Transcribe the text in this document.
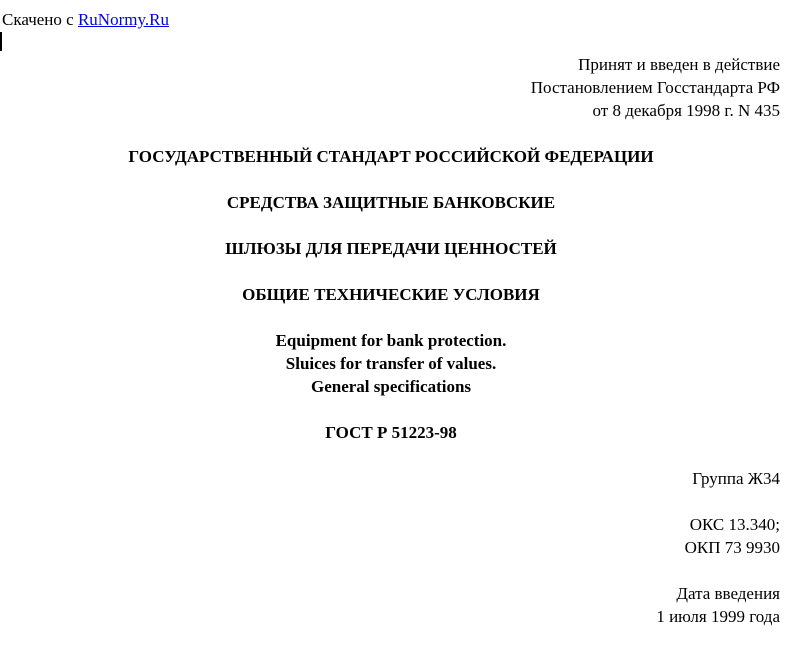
Скачено с RuNormy.Ru
Принят и введен в действие
Постановлением Госстандарта РФ
от 8 декабря 1998 г. N 435
ГОСУДАРСТВЕННЫЙ СТАНДАРТ РОССИЙСКОЙ ФЕДЕРАЦИИ
СРЕДСТВА ЗАЩИТНЫЕ БАНКОВСКИЕ
ШЛЮЗЫ ДЛЯ ПЕРЕДАЧИ ЦЕННОСТЕЙ
ОБЩИЕ ТЕХНИЧЕСКИЕ УСЛОВИЯ
Equipment for bank protection.
Sluices for transfer of values.
General specifications
ГОСТ Р 51223-98
Группа Ж34
ОКС 13.340;
ОКП 73 9930
Дата введения
1 июля 1999 года
